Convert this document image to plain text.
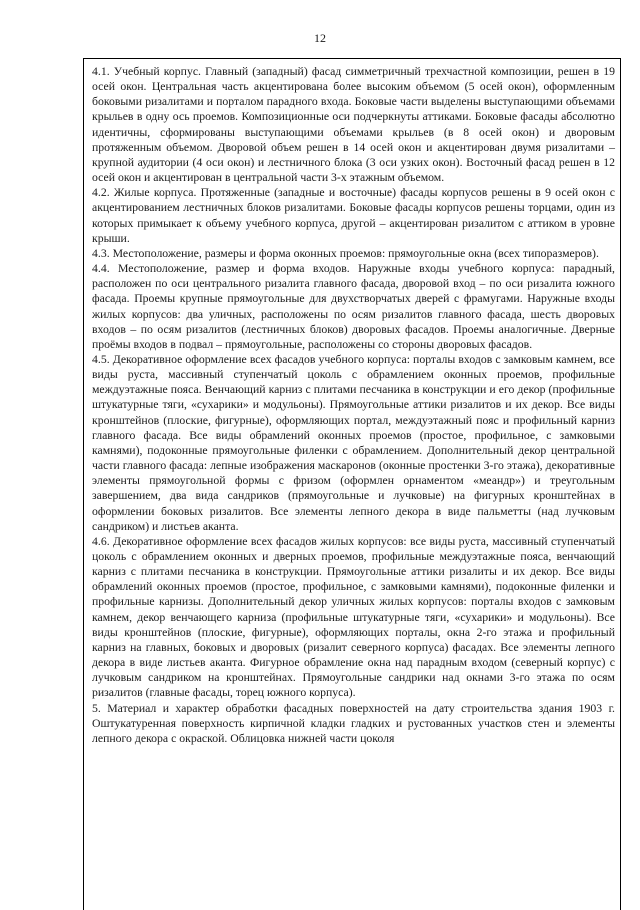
12

4.1. Учебный корпус. Главный (западный) фасад симметричный трехчастной композиции, решен в 19 осей окон. Центральная часть акцентирована более высоким объемом (5 осей окон), оформленным боковыми ризалитами и порталом парадного входа. Боковые части выделены выступающими объемами крыльев в одну ось проемов. Композиционные оси подчеркнуты аттиками. Боковые фасады абсолютно идентичны, сформированы выступающими объемами крыльев (в 8 осей окон) и дворовым протяженным объемом. Дворовой объем решен в 14 осей окон и акцентирован двумя ризалитами – крупной аудитории (4 оси окон) и лестничного блока (3 оси узких окон). Восточный фасад решен в 12 осей окон и акцентирован в центральной части 3-х этажным объемом.

4.2. Жилые корпуса. Протяженные (западные и восточные) фасады корпусов решены в 9 осей окон с акцентированием лестничных блоков ризалитами. Боковые фасады корпусов решены торцами, один из которых примыкает к объему учебного корпуса, другой – акцентирован ризалитом с аттиком в уровне крыши.

4.3. Местоположение, размеры и форма оконных проемов: прямоугольные окна (всех типоразмеров).

4.4. Местоположение, размер и форма входов. Наружные входы учебного корпуса: парадный, расположен по оси центрального ризалита главного фасада, дворовой вход – по оси ризалита южного фасада. Проемы крупные прямоугольные для двухстворчатых дверей с фрамугами. Наружные входы жилых корпусов: два уличных, расположены по осям ризалитов главного фасада, шесть дворовых входов – по осям ризалитов (лестничных блоков) дворовых фасадов. Проемы аналогичные. Дверные проёмы входов в подвал – прямоугольные, расположены со стороны дворовых фасадов.

4.5. Декоративное оформление всех фасадов учебного корпуса: порталы входов с замковым камнем, все виды руста, массивный ступенчатый цоколь с обрамлением оконных проемов, профильные междуэтажные пояса. Венчающий карниз с плитами песчаника в конструкции и его декор (профильные штукатурные тяги, «сухарики» и модульоны). Прямоугольные аттики ризалитов и их декор. Все виды кронштейнов (плоские, фигурные), оформляющих портал, междуэтажный пояс и профильный карниз главного фасада. Все виды обрамлений оконных проемов (простое, профильное, с замковыми камнями), подоконные прямоугольные филенки с обрамлением. Дополнительный декор центральной части главного фасада: лепные изображения маскаронов (оконные простенки 3-го этажа), декоративные элементы прямоугольной формы с фризом (оформлен орнаментом «меандр») и треугольным завершением, два вида сандриков (прямоугольные и лучковые) на фигурных кронштейнах в оформлении боковых ризалитов. Все элементы лепного декора в виде пальметты (над лучковым сандриком) и листьев аканта.

4.6. Декоративное оформление всех фасадов жилых корпусов: все виды руста, массивный ступенчатый цоколь с обрамлением оконных и дверных проемов, профильные междуэтажные пояса, венчающий карниз с плитами песчаника в конструкции. Прямоугольные аттики ризалиты и их декор. Все виды обрамлений оконных проемов (простое, профильное, с замковыми камнями), подоконные филенки и профильные карнизы. Дополнительный декор уличных жилых корпусов: порталы входов с замковым камнем, декор венчающего карниза (профильные штукатурные тяги, «сухарики» и модульоны). Все виды кронштейнов (плоские, фигурные), оформляющих порталы, окна 2-го этажа и профильный карниз на главных, боковых и дворовых (ризалит северного корпуса) фасадах. Все элементы лепного декора в виде листьев аканта. Фигурное обрамление окна над парадным входом (северный корпус) с лучковым сандриком на кронштейнах. Прямоугольные сандрики над окнами 3-го этажа по осям ризалитов (главные фасады, торец южного корпуса).

5. Материал и характер обработки фасадных поверхностей на дату строительства здания 1903 г. Оштукатуренная поверхность кирпичной кладки гладких и рустованных участков стен и элементы лепного декора с окраской. Облицовка нижней части цоколя
